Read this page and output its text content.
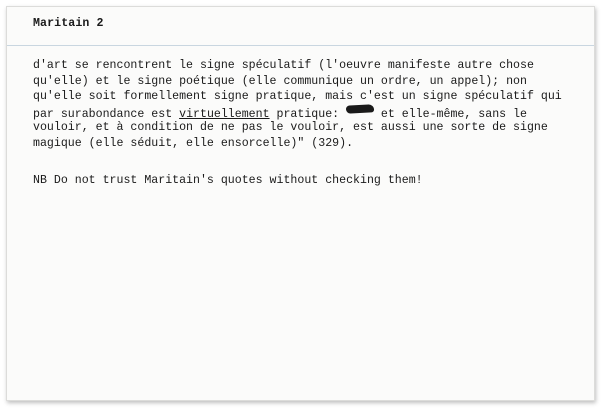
Maritain 2
d'art se rencontrent le signe spéculatif (l'oeuvre manifeste autre chose
qu'elle) et le signe poétique (elle communique un ordre, un appel); non
qu'elle soit formellement signe pratique, mais c'est un signe spéculatif qui
par surabondance est virtuellement pratique:  et elle-même, sans le
vouloir, et à condition de ne pas le vouloir, est aussi une sorte de signe
magique (elle séduit, elle ensorcelle)" (329).
NB Do not trust Maritain's quotes without checking them!
